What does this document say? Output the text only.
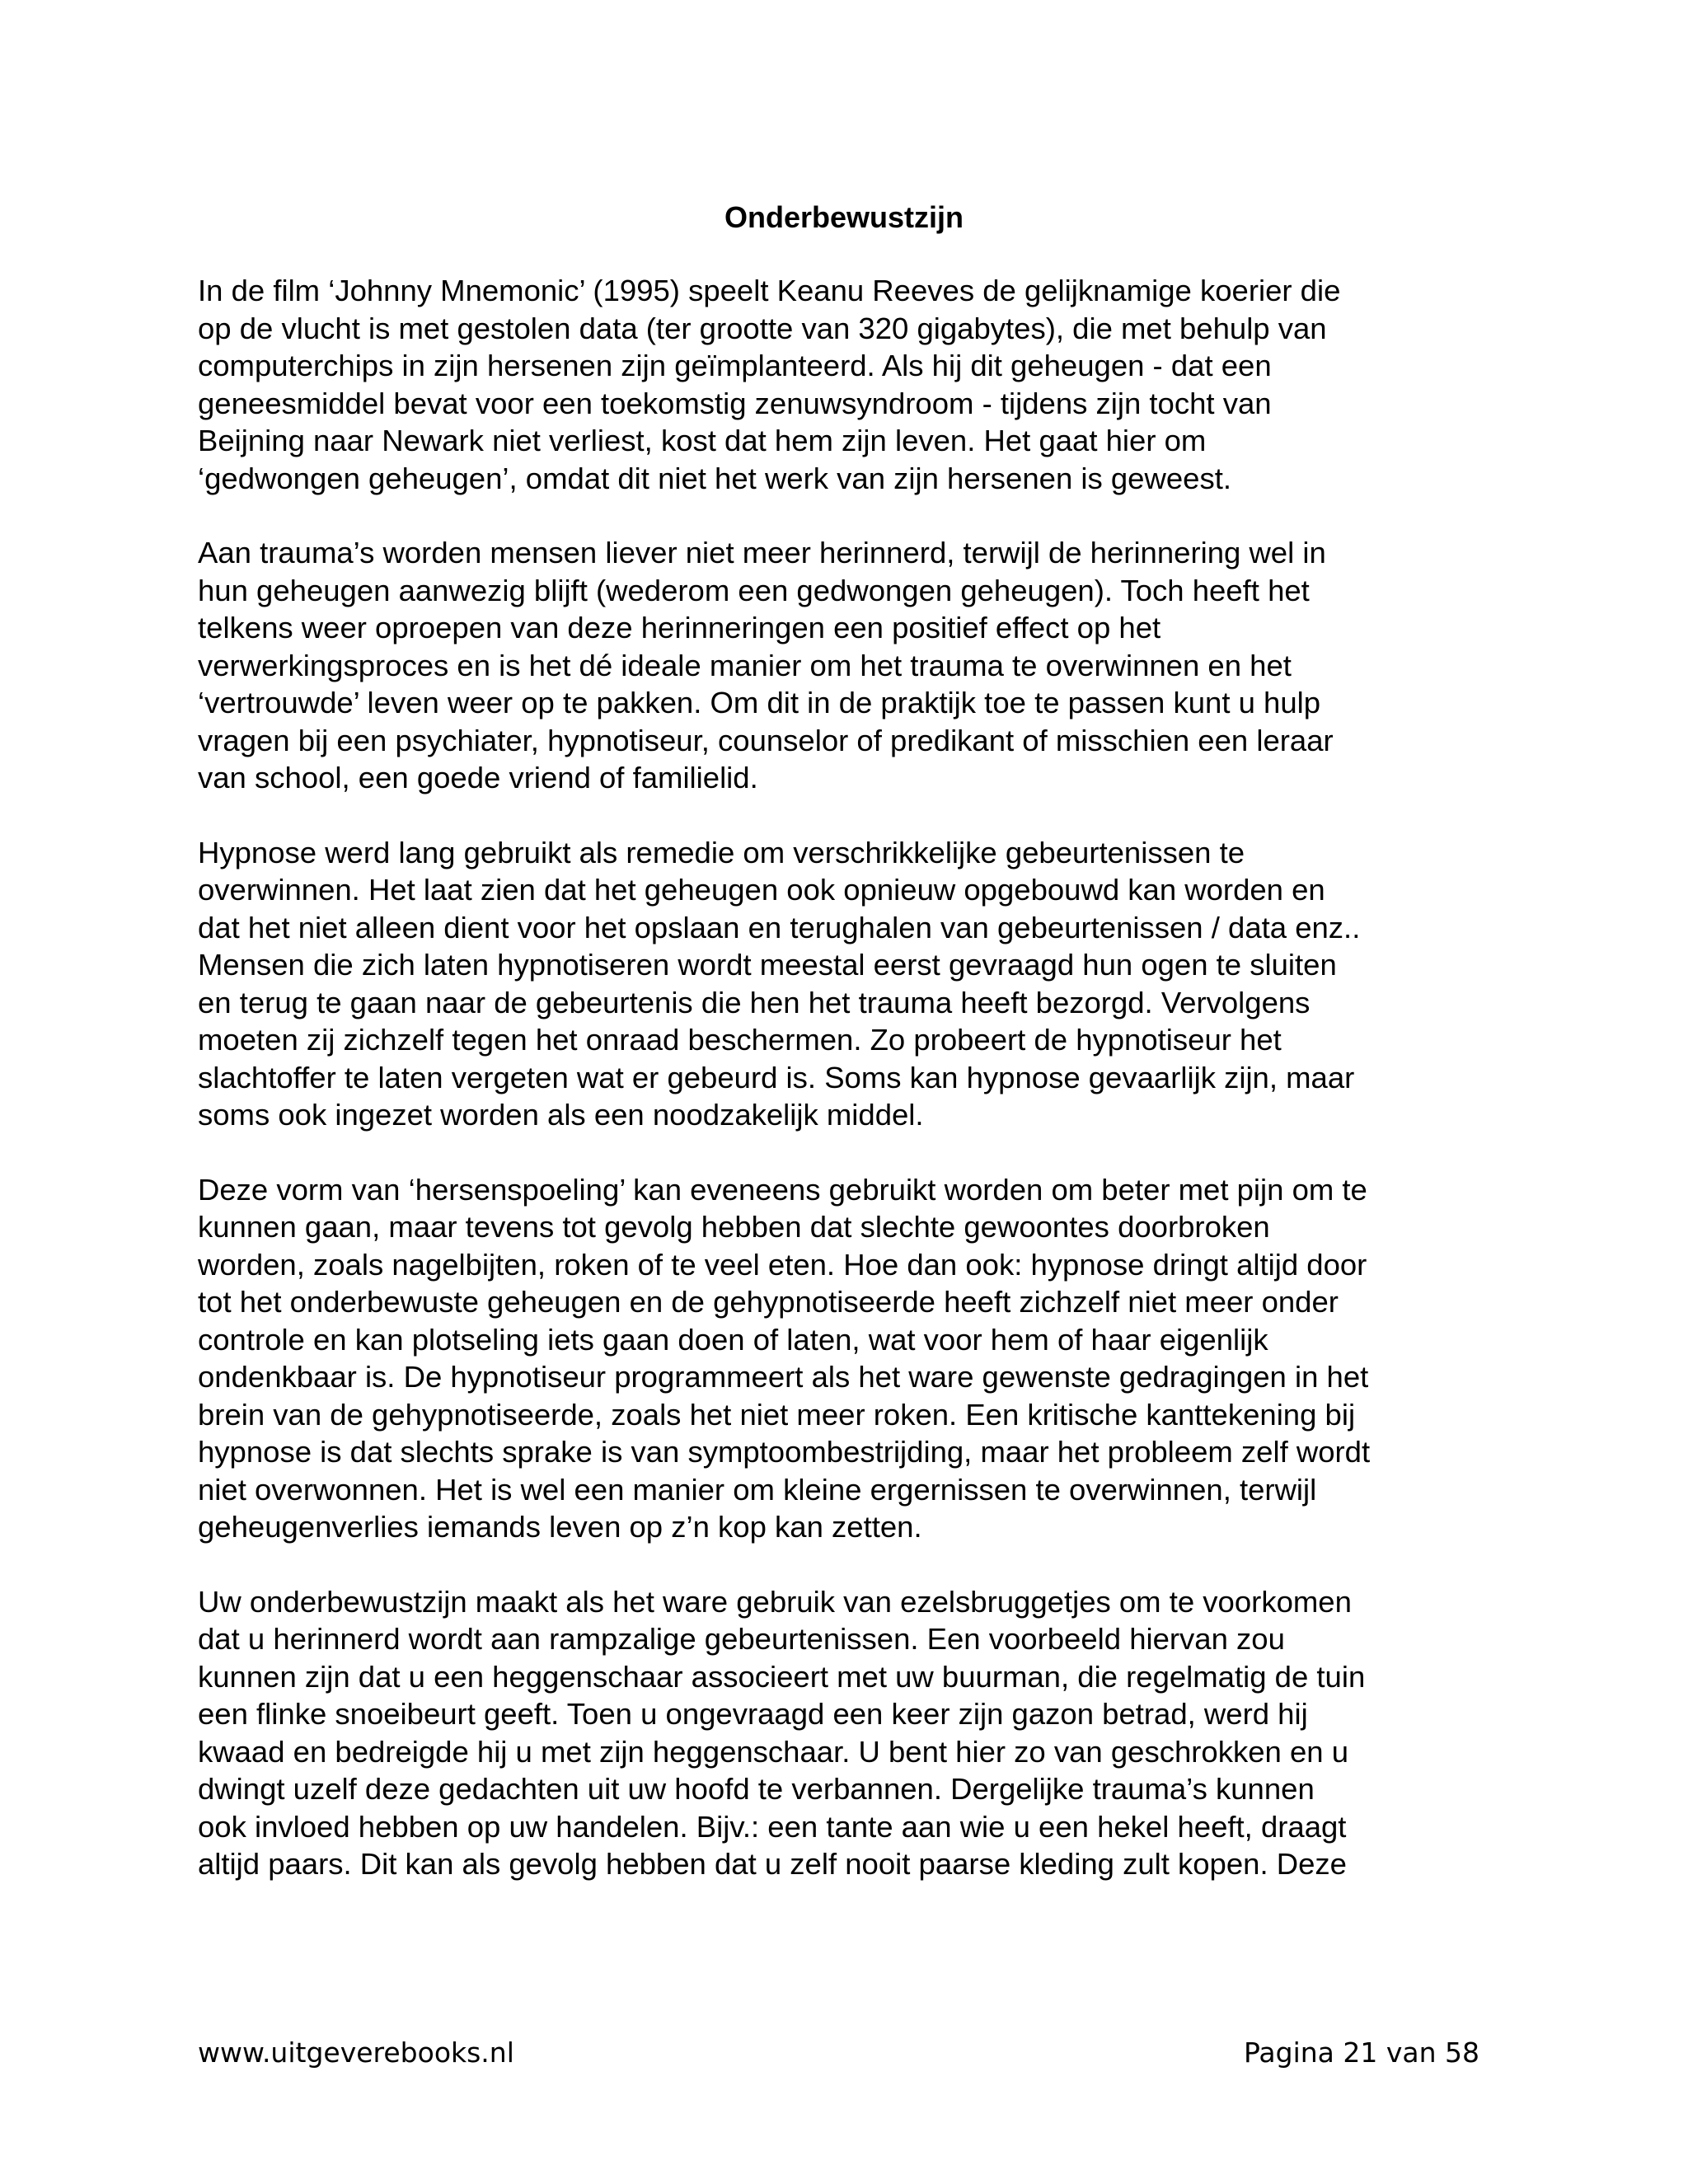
Onderbewustzijn

In de film ‘Johnny Mnemonic’ (1995) speelt Keanu Reeves de gelijknamige koerier die
op de vlucht is met gestolen data (ter grootte van 320 gigabytes), die met behulp van
computerchips in zijn hersenen zijn geïmplanteerd. Als hij dit geheugen - dat een
geneesmiddel bevat voor een toekomstig zenuwsyndroom - tijdens zijn tocht van
Beijning naar Newark niet verliest, kost dat hem zijn leven. Het gaat hier om
‘gedwongen geheugen’, omdat dit niet het werk van zijn hersenen is geweest.

Aan trauma’s worden mensen liever niet meer herinnerd, terwijl de herinnering wel in
hun geheugen aanwezig blijft (wederom een gedwongen geheugen). Toch heeft het
telkens weer oproepen van deze herinneringen een positief effect op het
verwerkingsproces en is het dé ideale manier om het trauma te overwinnen en het
‘vertrouwde’ leven weer op te pakken. Om dit in de praktijk toe te passen kunt u hulp
vragen bij een psychiater, hypnotiseur, counselor of predikant of misschien een leraar
van school, een goede vriend of familielid.

Hypnose werd lang gebruikt als remedie om verschrikkelijke gebeurtenissen te
overwinnen. Het laat zien dat het geheugen ook opnieuw opgebouwd kan worden en
dat het niet alleen dient voor het opslaan en terughalen van gebeurtenissen / data enz..
Mensen die zich laten hypnotiseren wordt meestal eerst gevraagd hun ogen te sluiten
en terug te gaan naar de gebeurtenis die hen het trauma heeft bezorgd. Vervolgens
moeten zij zichzelf tegen het onraad beschermen. Zo probeert de hypnotiseur het
slachtoffer te laten vergeten wat er gebeurd is. Soms kan hypnose gevaarlijk zijn, maar
soms ook ingezet worden als een noodzakelijk middel.

Deze vorm van ‘hersenspoeling’ kan eveneens gebruikt worden om beter met pijn om te
kunnen gaan, maar tevens tot gevolg hebben dat slechte gewoontes doorbroken
worden, zoals nagelbijten, roken of te veel eten. Hoe dan ook: hypnose dringt altijd door
tot het onderbewuste geheugen en de gehypnotiseerde heeft zichzelf niet meer onder
controle en kan plotseling iets gaan doen of laten, wat voor hem of haar eigenlijk
ondenkbaar is. De hypnotiseur programmeert als het ware gewenste gedragingen in het
brein van de gehypnotiseerde, zoals het niet meer roken. Een kritische kanttekening bij
hypnose is dat slechts sprake is van symptoombestrijding, maar het probleem zelf wordt
niet overwonnen. Het is wel een manier om kleine ergernissen te overwinnen, terwijl
geheugenverlies iemands leven op z’n kop kan zetten.

Uw onderbewustzijn maakt als het ware gebruik van ezelsbruggetjes om te voorkomen
dat u herinnerd wordt aan rampzalige gebeurtenissen. Een voorbeeld hiervan zou
kunnen zijn dat u een heggenschaar associeert met uw buurman, die regelmatig de tuin
een flinke snoeibeurt geeft. Toen u ongevraagd een keer zijn gazon betrad, werd hij
kwaad en bedreigde hij u met zijn heggenschaar. U bent hier zo van geschrokken en u
dwingt uzelf deze gedachten uit uw hoofd te verbannen. Dergelijke trauma’s kunnen
ook invloed hebben op uw handelen. Bijv.: een tante aan wie u een hekel heeft, draagt
altijd paars. Dit kan als gevolg hebben dat u zelf nooit paarse kleding zult kopen. Deze

www.uitgeverebooks.nl	Pagina 21 van 58
